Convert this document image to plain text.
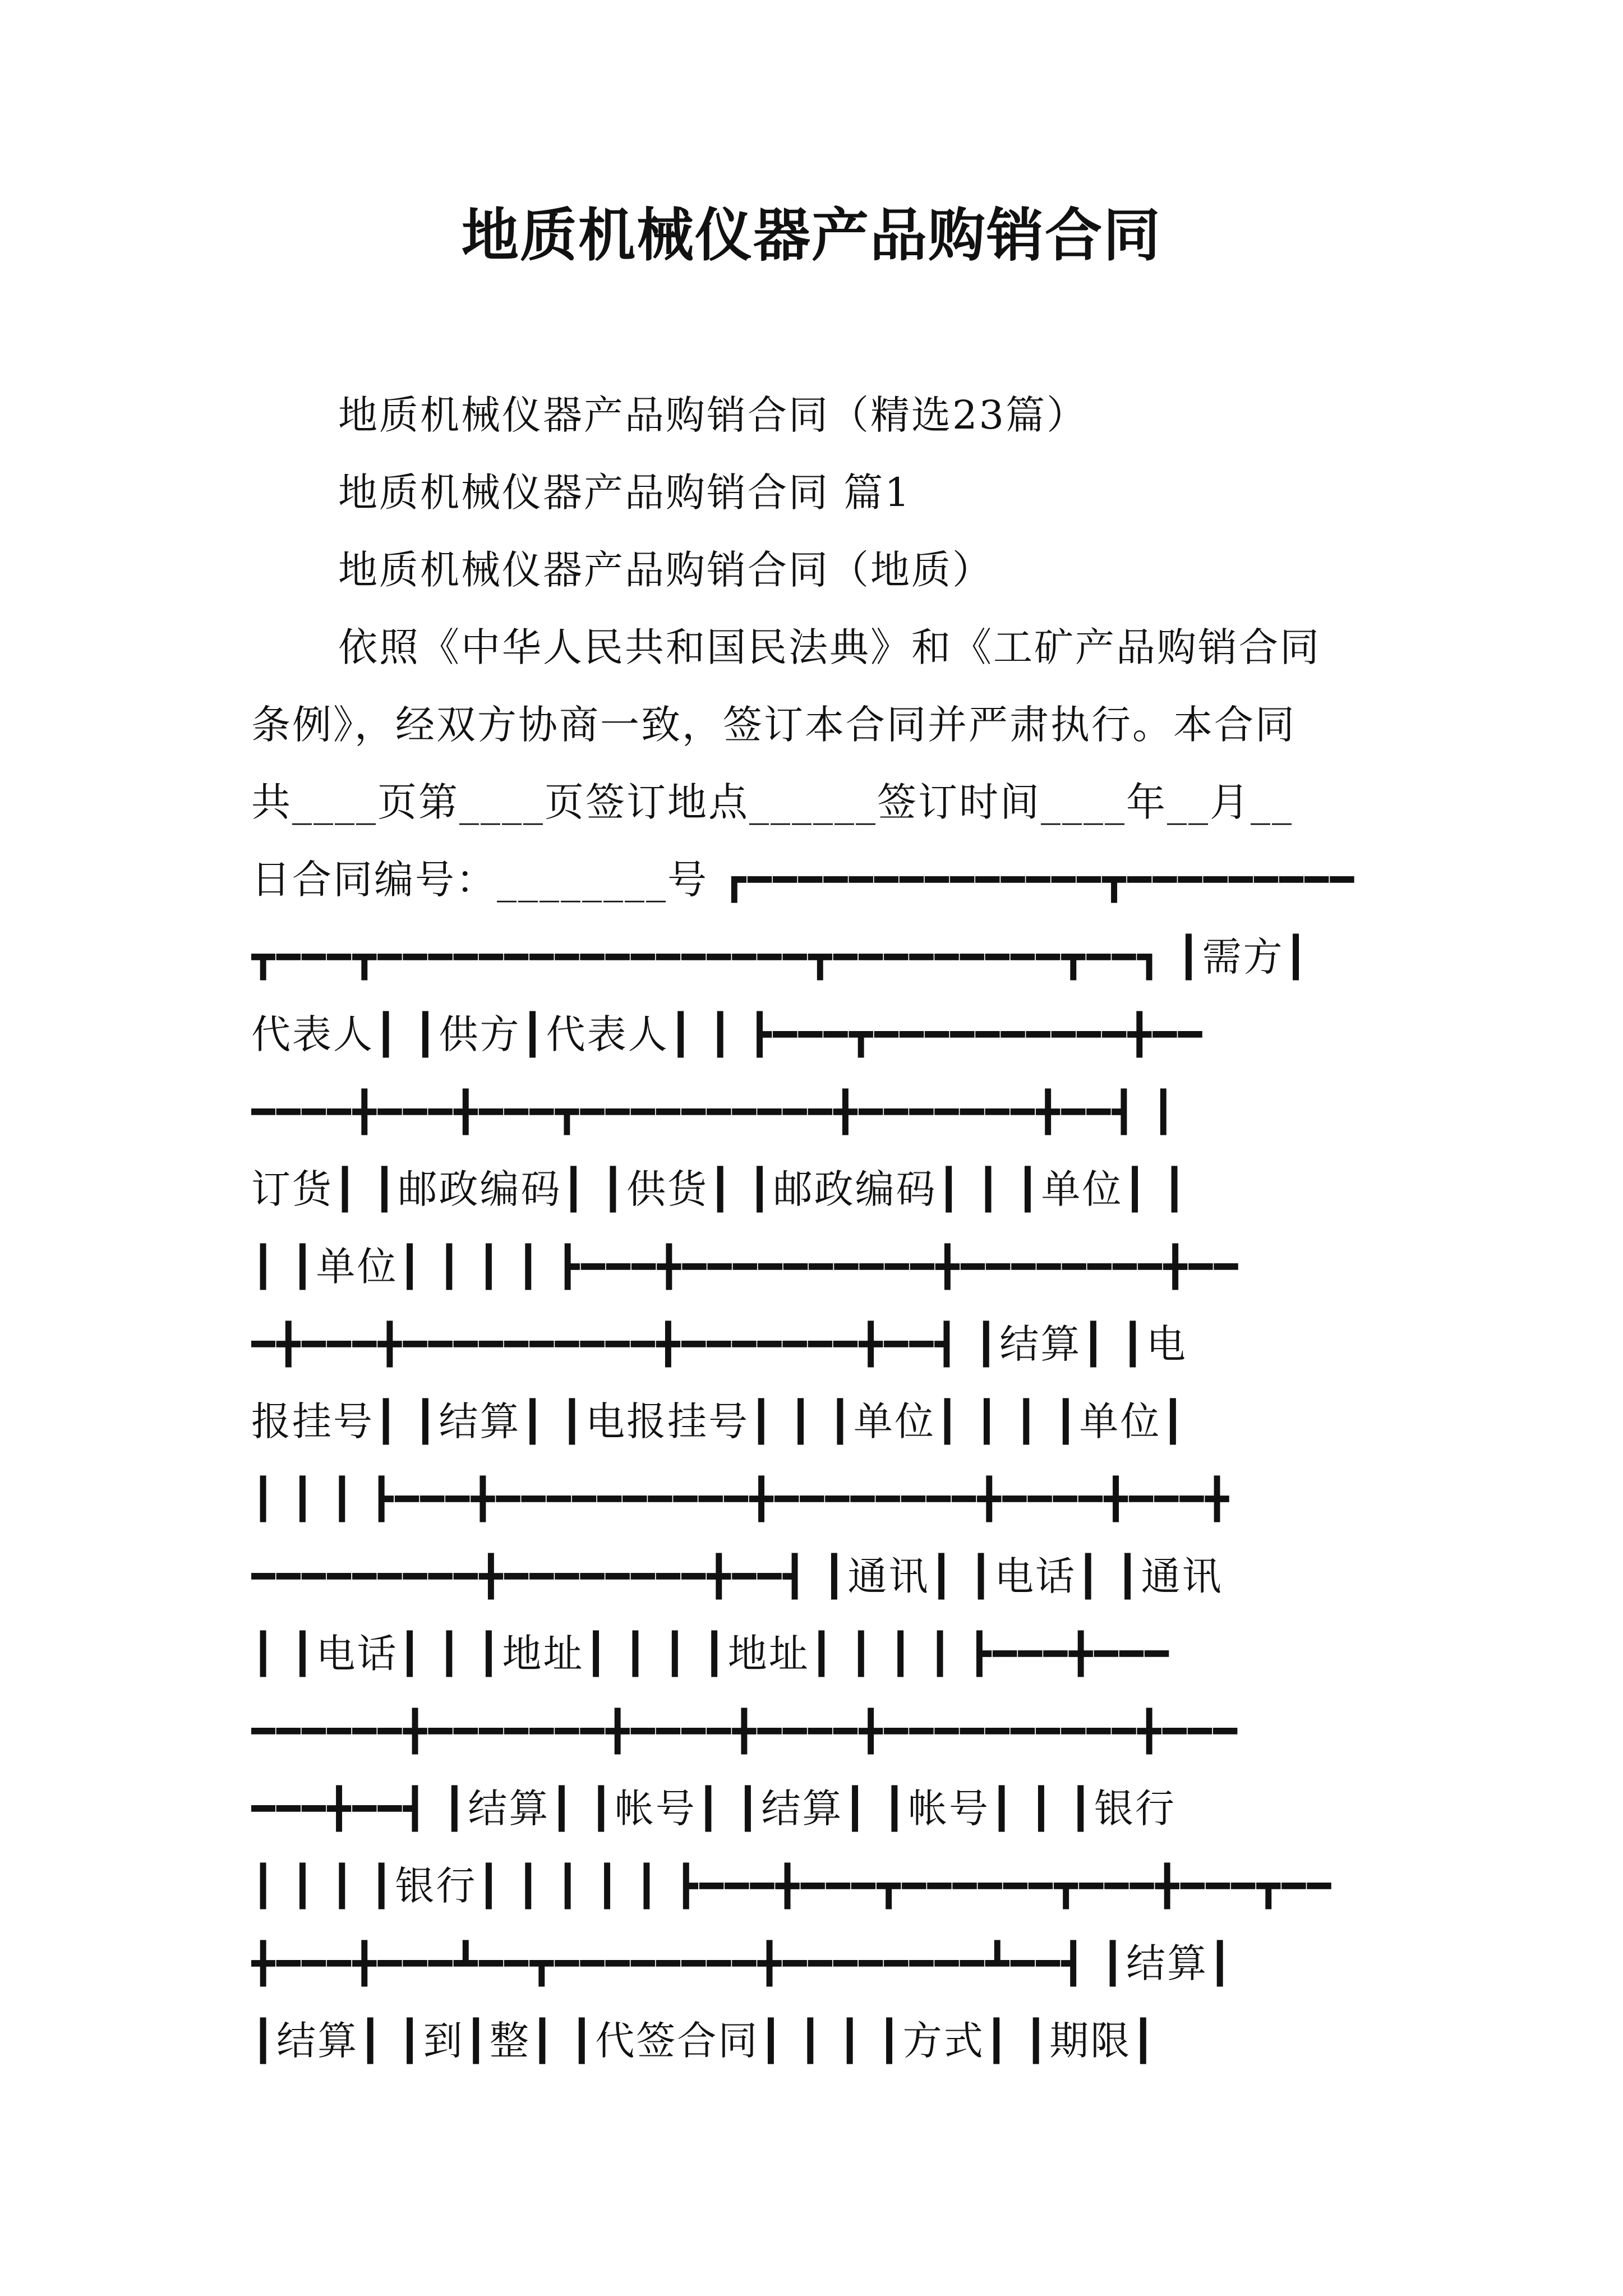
地质机械仪器产品购销合同
地质机械仪器产品购销合同（精选23篇）
地质机械仪器产品购销合同 篇1
地质机械仪器产品购销合同（地质）
依照《中华人民共和国民法典》和《工矿产品购销合同
条例》，经双方协商一致，签订本合同并严肃执行。本合同
共____页第____页签订地点______签订时间____年__月__
日合同编号：________号 ┏━━━━━━━━━━━━━━┳━━━━━━━━━
┳━━━┳━━━━━━━━━━━━━━━━━┳━━━━━━━━━┳━━┓ ┃需方┃
代表人┃ ┃供方┃代表人┃ ┃ ┣━━━┳━━━━━━━━━━╋━━
━━━━╋━━━╋━━━┳━━━━━━━━━━╋━━━━━━━╋━━┫ ┃
订货┃ ┃邮政编码┃ ┃供货┃ ┃邮政编码┃ ┃ ┃单位┃ ┃
┃ ┃单位┃ ┃ ┃ ┃ ┣━━━╋━━━━━━━━━━╋━━━━━━━━╋━━
━╋━━━╋━━━━━━━━━━╋━━━━━━━╋━━┫ ┃结算┃ ┃电
报挂号┃ ┃结算┃ ┃电报挂号┃ ┃ ┃单位┃ ┃ ┃ ┃单位┃
┃ ┃ ┃ ┣━━━╋━━━━━━━━━━╋━━━━━━━━╋━━━━╋━━━╋
━━━━━━━━━╋━━━━━━━━╋━━┫ ┃通讯┃ ┃电话┃ ┃通讯
┃ ┃电话┃ ┃ ┃地址┃ ┃ ┃ ┃地址┃ ┃ ┃ ┃ ┣━━━╋━━━
━━━━━━╋━━━━━━━╋━━━━╋━━━━╋━━━━━━━━━━╋━━━
━━━╋━━┫ ┃结算┃ ┃帐号┃ ┃结算┃ ┃帐号┃ ┃ ┃银行
┃ ┃ ┃ ┃银行┃ ┃ ┃ ┃ ┃ ┣━━━╋━━━┳━━━━━━┳━━━╋━━━┳━━
╋━━━╋━━━┻━━┳━━━━━━━━╋━━━━━━━━┻━━┫ ┃结算┃
┃结算┃ ┃到┃整┃ ┃代签合同┃ ┃ ┃ ┃方式┃ ┃期限┃
